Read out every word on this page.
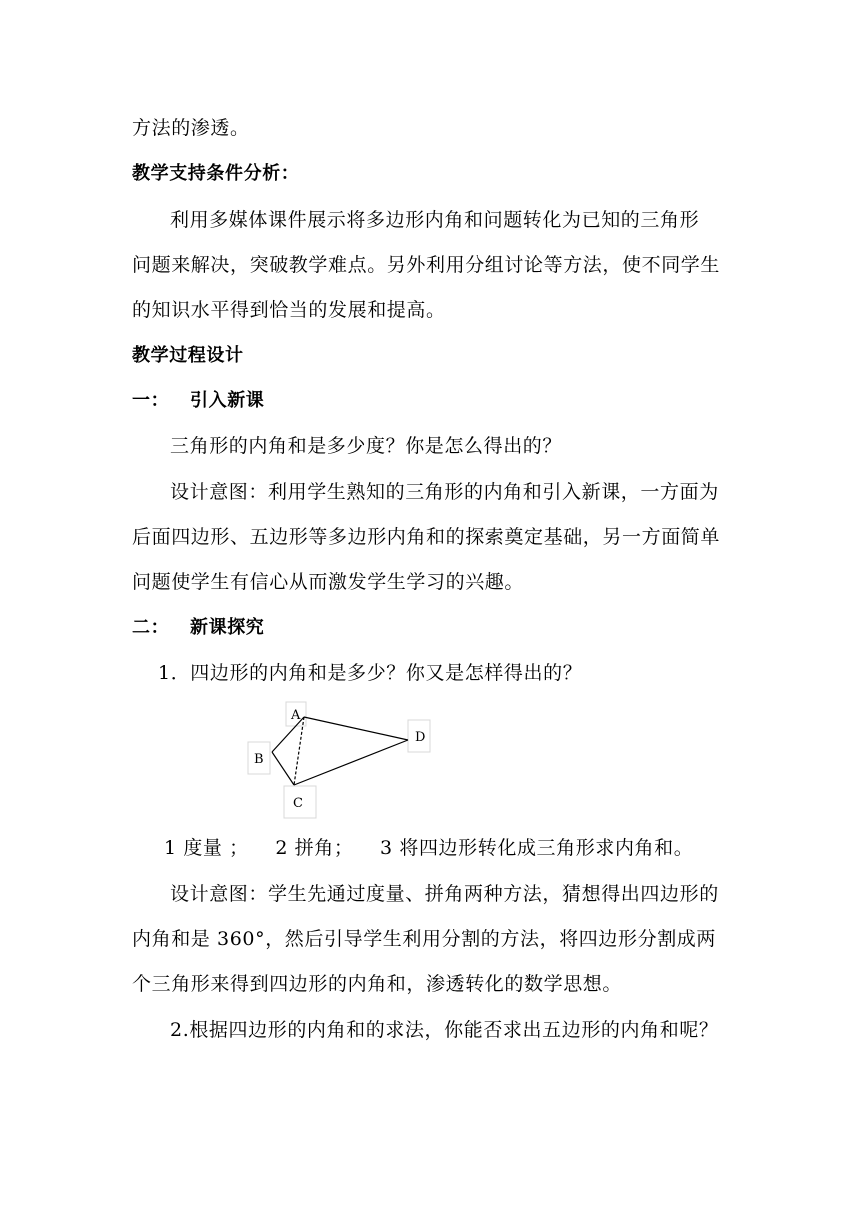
方法的渗透。
教学支持条件分析：
利用多媒体课件展示将多边形内角和问题转化为已知的三角形
问题来解决，突破教学难点。另外利用分组讨论等方法，使不同学生
的知识水平得到恰当的发展和提高。
教学过程设计
一： 引入新课
三角形的内角和是多少度？你是怎么得出的？
设计意图：利用学生熟知的三角形的内角和引入新课，一方面为
后面四边形、五边形等多边形内角和的探索奠定基础，另一方面简单
问题使学生有信心从而激发学生学习的兴趣。
二： 新课探究
1．四边形的内角和是多少？你又是怎样得出的？
A
B
C
D
1 度量 ；    2 拼角；    3 将四边形转化成三角形求内角和。
设计意图：学生先通过度量、拼角两种方法，猜想得出四边形的
内角和是 360°，然后引导学生利用分割的方法，将四边形分割成两
个三角形来得到四边形的内角和，渗透转化的数学思想。
2.根据四边形的内角和的求法，你能否求出五边形的内角和呢？
